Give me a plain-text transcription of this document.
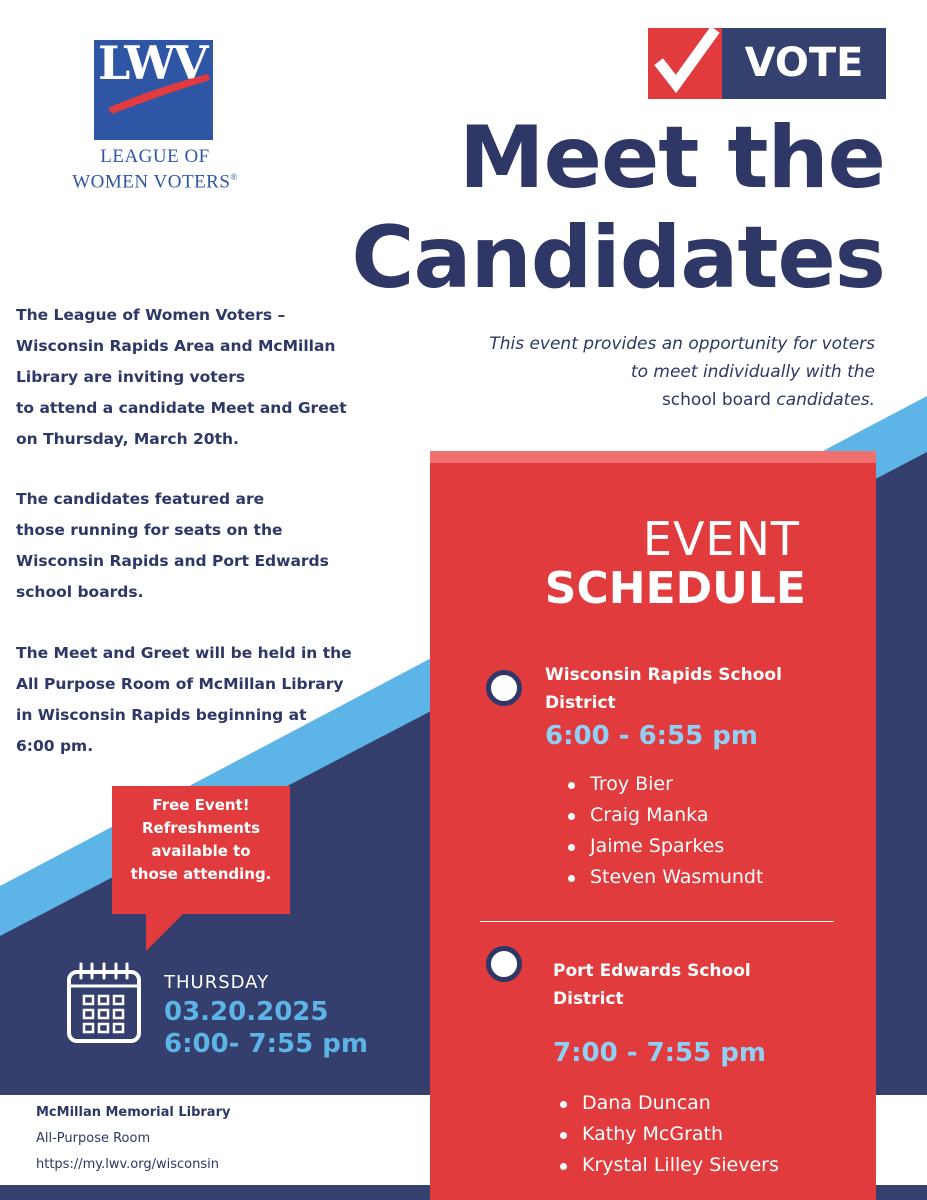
LWV
LEAGUE OF
WOMEN VOTERS®
VOTE
Meet the
Candidates
This event provides an opportunity for voters
to meet individually with the
school board candidates.
The League of Women Voters –
Wisconsin Rapids Area and McMillan
Library are inviting voters
to attend a candidate Meet and Greet
on Thursday, March 20th.
The candidates featured are
those running for seats on the
Wisconsin Rapids and Port Edwards
school boards.
The Meet and Greet will be held in the
All Purpose Room of McMillan Library
in Wisconsin Rapids beginning at
6:00 pm.
Free Event!
Refreshments
available to
those attending.
THURSDAY
03.20.2025
6:00- 7:55 pm
McMillan Memorial Library
All-Purpose Room
https://my.lwv.org/wisconsin
EVENT
SCHEDULE
Wisconsin Rapids School
District
6:00 - 6:55 pm
Troy Bier
Craig Manka
Jaime Sparkes
Steven Wasmundt
Port Edwards School
District
7:00 - 7:55 pm
Dana Duncan
Kathy McGrath
Krystal Lilley Sievers
